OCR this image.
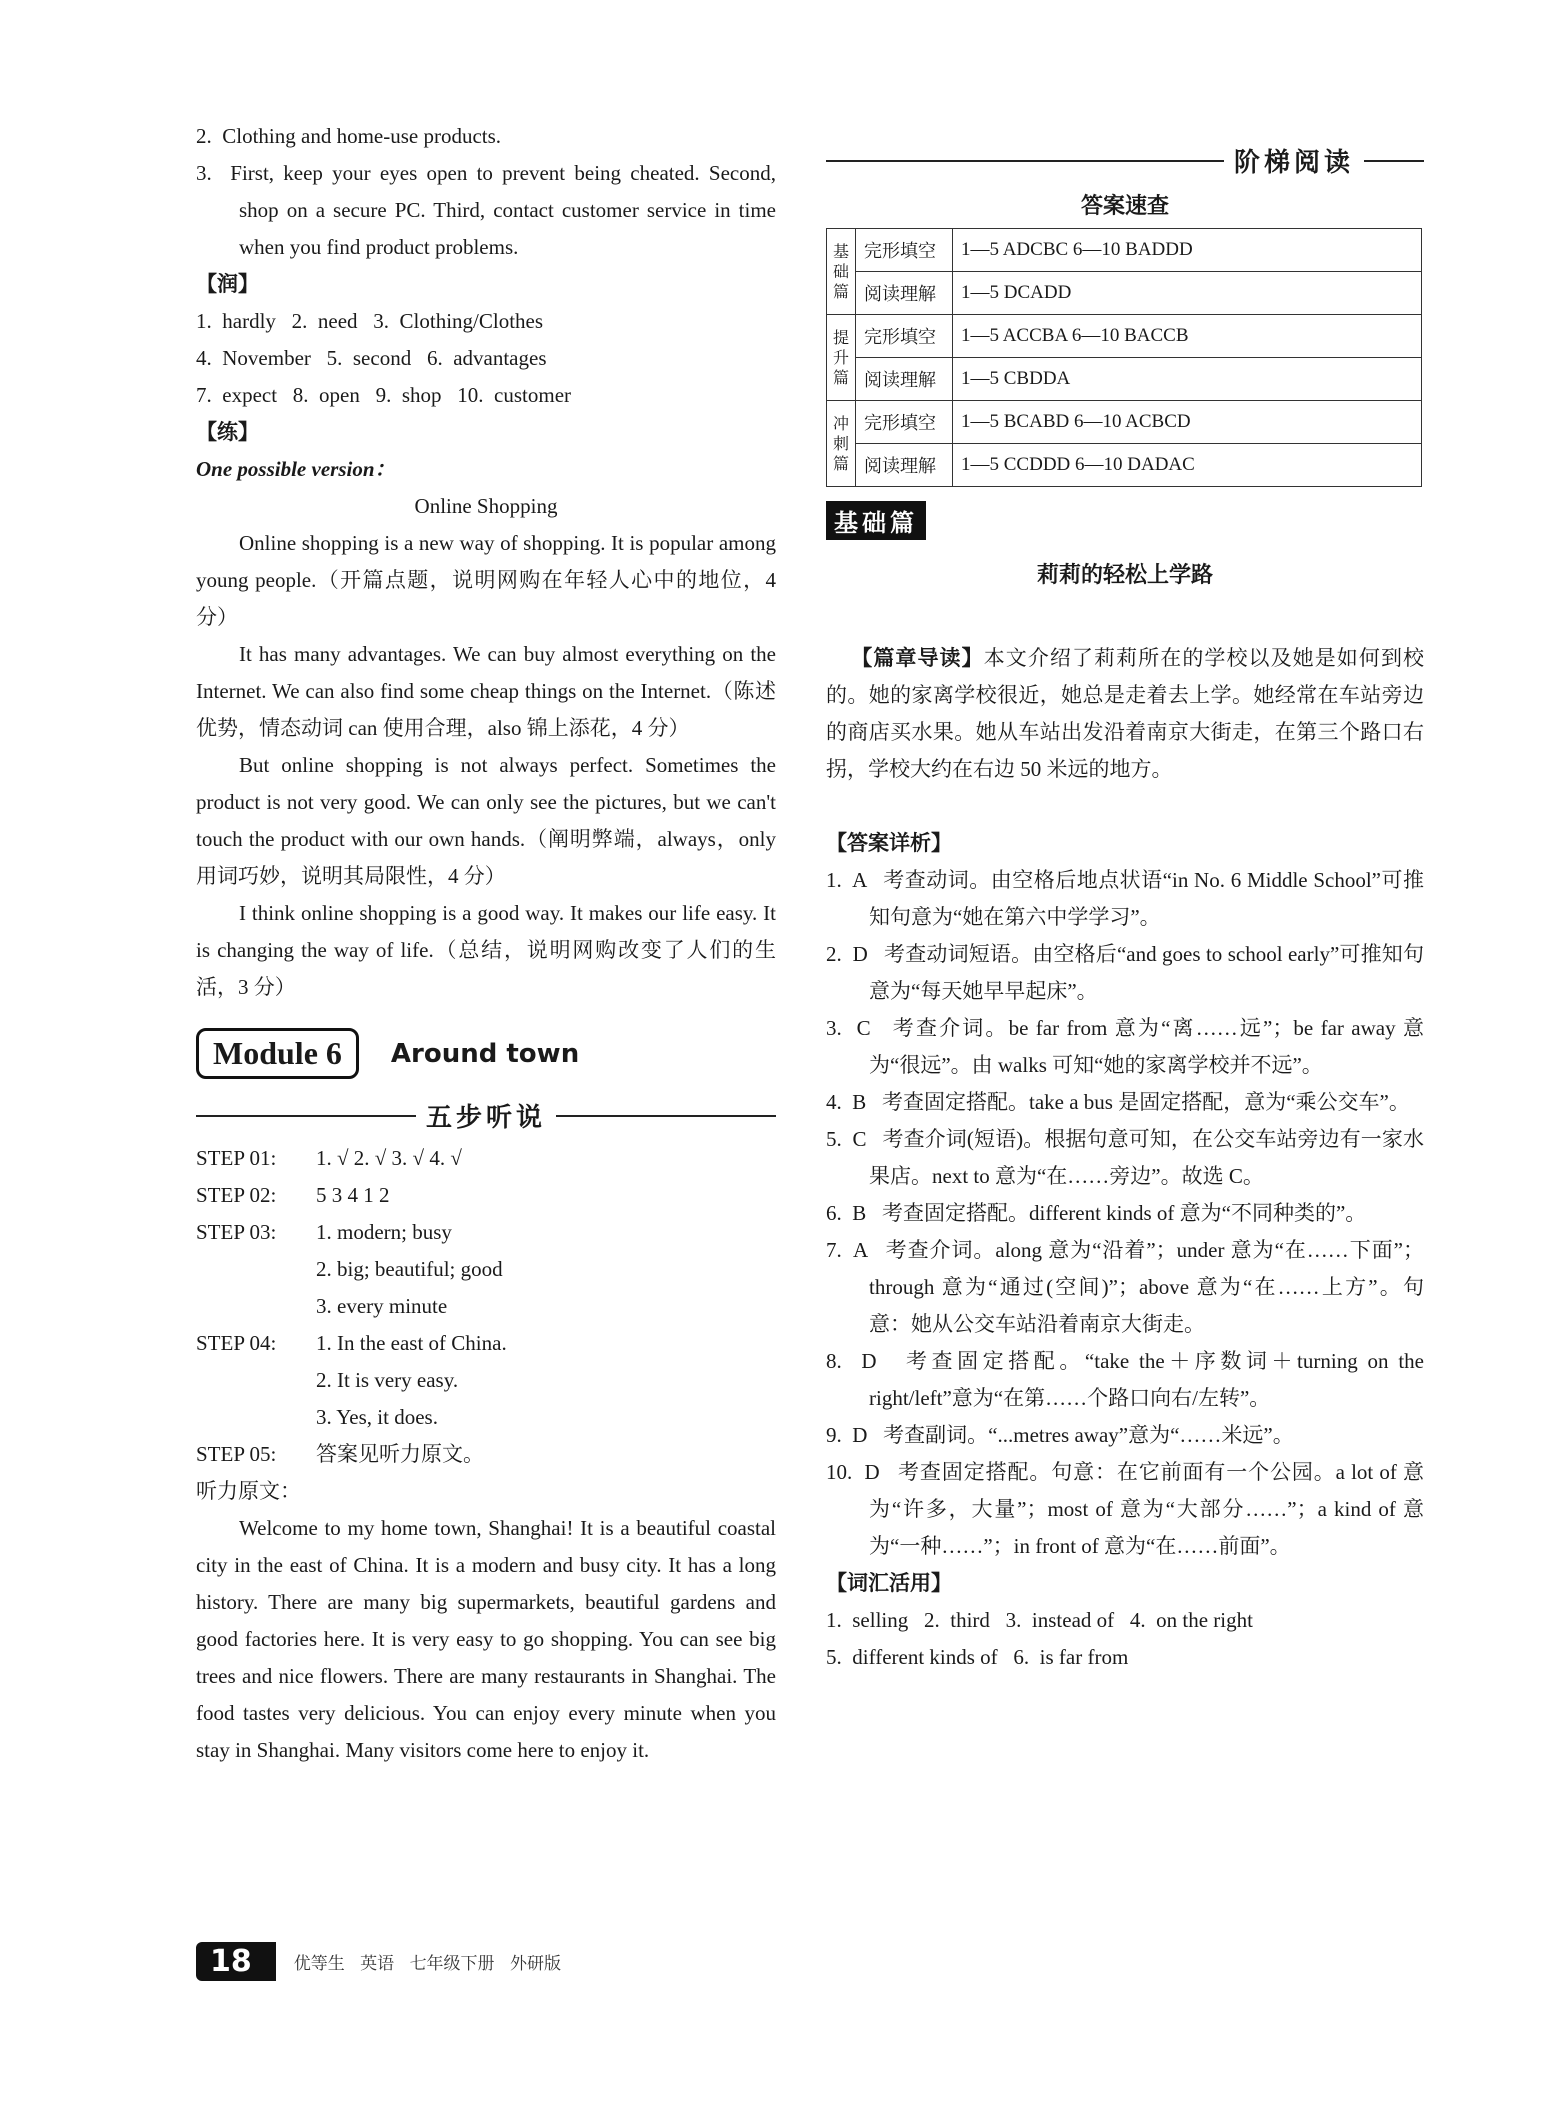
2.  Clothing and home-use products.

3.  First, keep your eyes open to prevent being cheated. Second, shop on a secure PC. Third, contact customer service in time when you find product problems.

【润】

1.  hardly   2.  need   3.  Clothing/Clothes

4.  November   5.  second   6.  advantages

7.  expect   8.  open   9.  shop   10.  customer

【练】

One possible version：

Online Shopping

Online shopping is a new way of shopping. It is popular among young people.（开篇点题，说明网购在年轻人心中的地位，4 分）

It has many advantages. We can buy almost everything on the Internet. We can also find some cheap things on the Internet.（陈述优势，情态动词 can 使用合理，also 锦上添花，4 分）

But online shopping is not always perfect. Sometimes the product is not very good. We can only see the pictures, but we can't touch the product with our own hands.（阐明弊端，always，only 用词巧妙，说明其局限性，4 分）

I think online shopping is a good way. It makes our life easy. It is changing the way of life.（总结，说明网购改变了人们的生活，3 分）

Module 6	Around town
五步听说
STEP 01:	1. √ 2. √ 3. √ 4. √
STEP 02:	5 3 4 1 2
STEP 03:	1. modern; busy
2. big; beautiful; good
3. every minute
STEP 04:	1. In the east of China.
2. It is very easy.
3. Yes, it does.
STEP 05:	答案见听力原文。

听力原文：

Welcome to my home town, Shanghai! It is a beautiful coastal city in the east of China. It is a modern and busy city. It has a long history. There are many big supermarkets, beautiful gardens and good factories here. It is very easy to go shopping. You can see big trees and nice flowers. There are many restaurants in Shanghai. The food tastes very delicious. You can enjoy every minute when you stay in Shanghai. Many visitors come here to enjoy it.

阶梯阅读
答案速查
基础篇	完形填空	1—5 ADCBC 6—10 BADDD
	阅读理解	1—5 DCADD
提升篇	完形填空	1—5 ACCBA 6—10 BACCB
	阅读理解	1—5 CBDDA
冲刺篇	完形填空	1—5 BCABD 6—10 ACBCD
	阅读理解	1—5 CCDDD 6—10 DADAC
基础篇
莉莉的轻松上学路

【篇章导读】本文介绍了莉莉所在的学校以及她是如何到校的。她的家离学校很近，她总是走着去上学。她经常在车站旁边的商店买水果。她从车站出发沿着南京大街走，在第三个路口右拐，学校大约在右边 50 米远的地方。

【答案详析】

1.  A   考查动词。由空格后地点状语“in No. 6 Middle School”可推知句意为“她在第六中学学习”。

2.  D   考查动词短语。由空格后“and goes to school early”可推知句意为“每天她早早起床”。

3.  C   考查介词。be far from 意为“离……远”；be far away 意为“很远”。由 walks 可知“她的家离学校并不远”。

4.  B   考查固定搭配。take a bus 是固定搭配，意为“乘公交车”。

5.  C   考查介词(短语)。根据句意可知，在公交车站旁边有一家水果店。next to 意为“在……旁边”。故选 C。

6.  B   考查固定搭配。different kinds of 意为“不同种类的”。

7.  A   考查介词。along 意为“沿着”；under 意为“在……下面”；through 意为“通过(空间)”；above 意为“在……上方”。句意：她从公交车站沿着南京大街走。

8.  D   考查固定搭配。“take the＋序数词＋turning on the right/left”意为“在第……个路口向右/左转”。

9.  D   考查副词。“...metres away”意为“……米远”。

10.  D   考查固定搭配。句意：在它前面有一个公园。a lot of 意为“许多，大量”；most of 意为“大部分……”；a kind of 意为“一种……”；in front of 意为“在……前面”。

【词汇活用】

1.  selling   2.  third   3.  instead of   4.  on the right

5.  different kinds of   6.  is far from

18	优等生 英语 七年级下册 外研版
